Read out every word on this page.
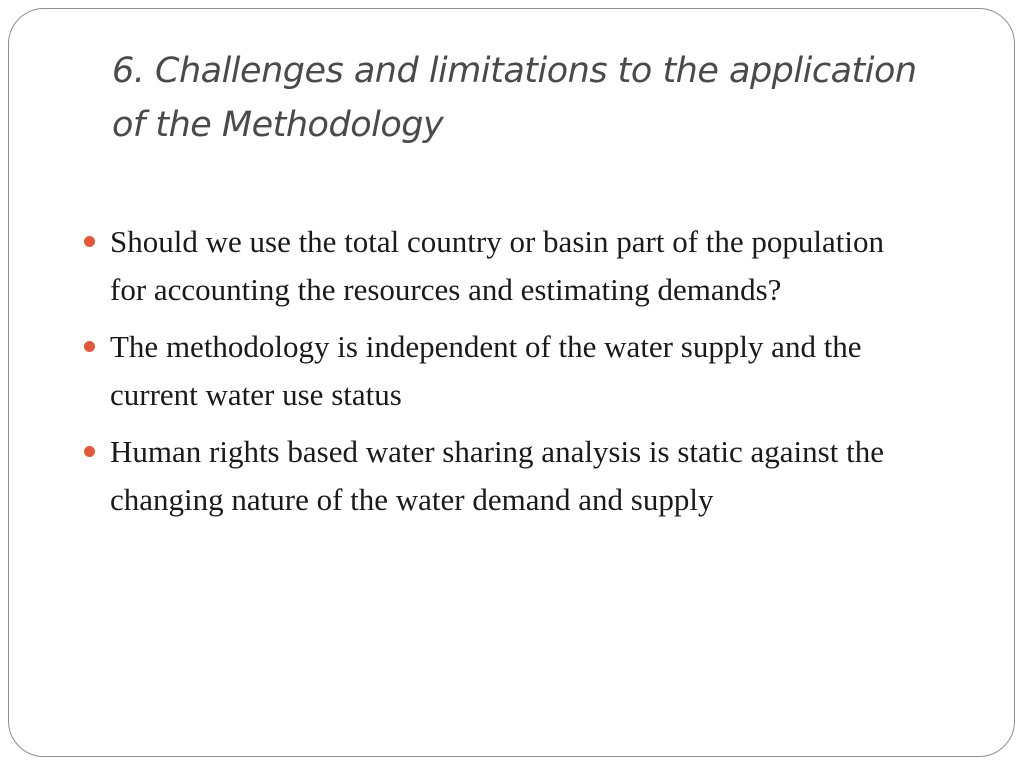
6. Challenges and limitations to the application of the Methodology
Should we use the total country or basin part of the population for accounting the resources and estimating demands?
The methodology is independent of the water supply and the current water use status
Human rights based water sharing analysis is static against the changing nature of the water demand and supply
